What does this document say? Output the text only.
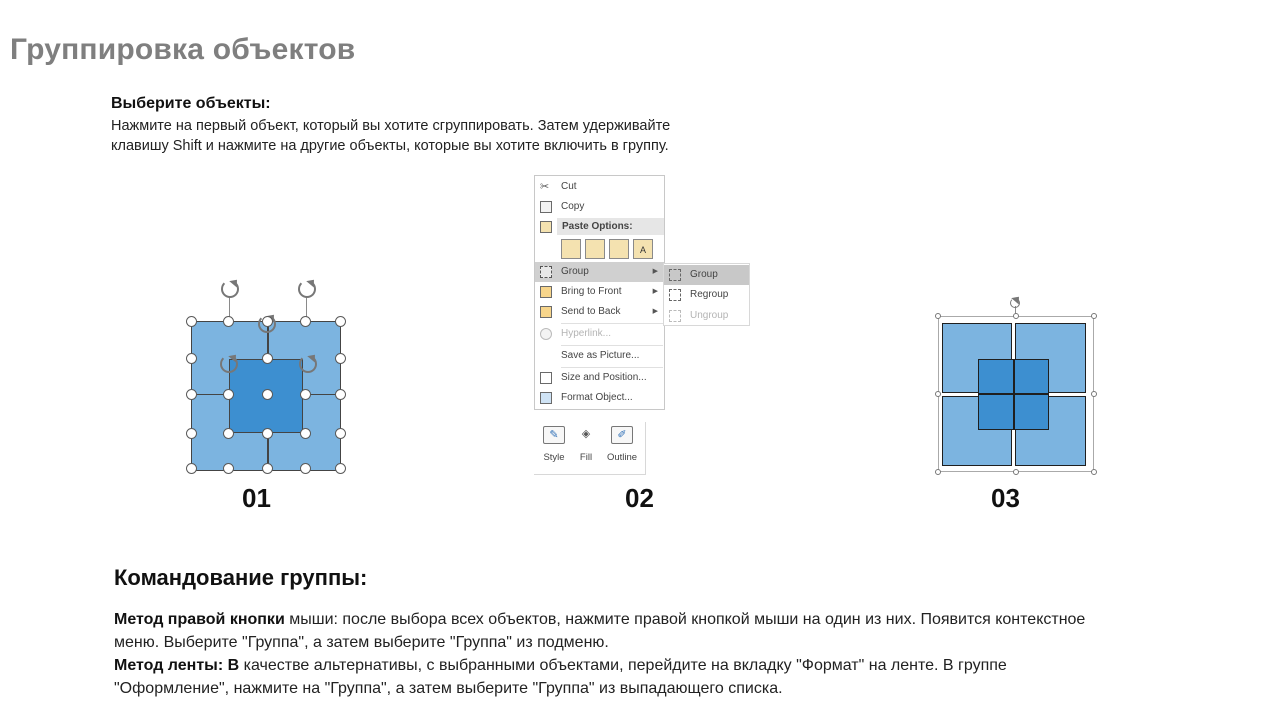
Группировка объектов
Выберите объекты:
Нажмите на первый объект, который вы хотите сгруппировать. Затем удерживайте
клавишу Shift и нажмите на другие объекты, которые вы хотите включить в группу.
01
✂ Cut
Copy
Paste Options:
A
Group	▶
Bring to Front	▶
Send to Back	▶
Hyperlink...
Save as Picture...
Size and Position...
Format Object...
Group
Regroup
Ungroup
✎
Style
◈
Fill
✐
Outline
02	03
Командование группы:
Метод правой кнопки мыши: после выбора всех объектов, нажмите правой кнопкой мыши на один из них. Появится контекстное меню. Выберите "Группа", а затем выберите "Группа" из подменю.
Метод ленты: В качестве альтернативы, с выбранными объектами, перейдите на вкладку "Формат" на ленте. В группе "Оформление", нажмите на "Группа", а затем выберите "Группа" из выпадающего списка.
